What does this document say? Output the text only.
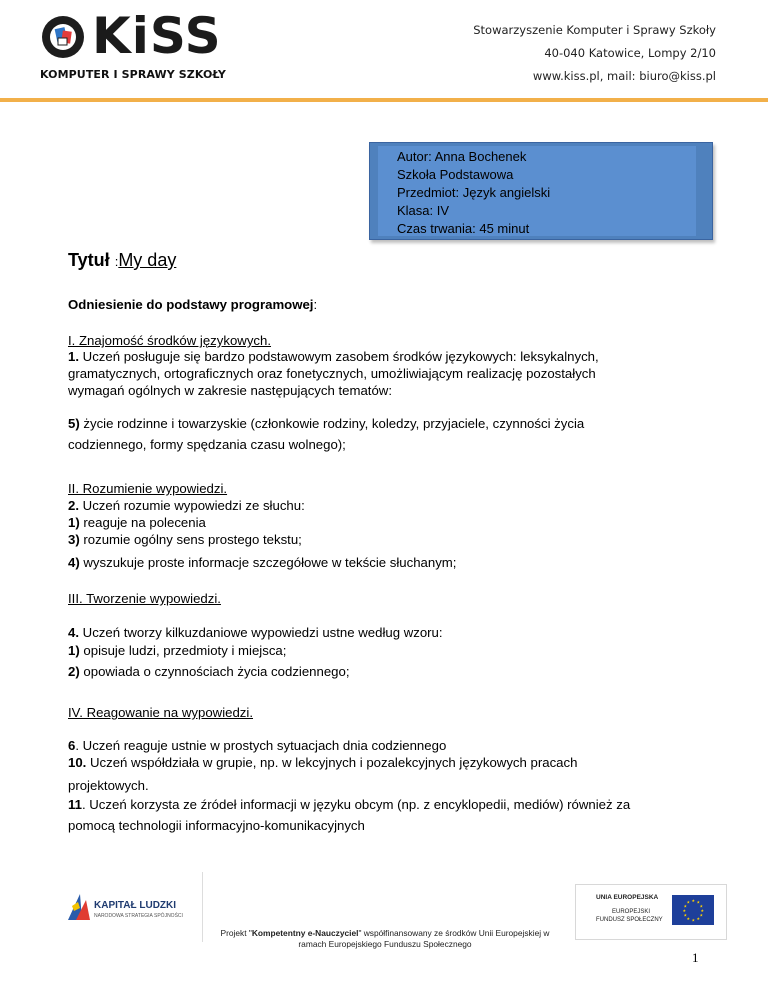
KiSS
KOMPUTER I SPRAWY SZKOŁY
Stowarzyszenie Komputer i Sprawy Szkoły
40-040 Katowice, Lompy 2/10
www.kiss.pl, mail: biuro@kiss.pl
Autor: Anna Bochenek
Szkoła Podstawowa
Przedmiot: Język angielski
Klasa: IV
Czas trwania: 45 minut
Tytuł :My day
Odniesienie do podstawy programowej:
I. Znajomość środków językowych.
1. Uczeń posługuje się bardzo podstawowym zasobem środków językowych: leksykalnych,
gramatycznych, ortograficznych oraz fonetycznych, umożliwiającym realizację pozostałych
wymagań ogólnych w zakresie następujących tematów:
5) życie rodzinne i towarzyskie (członkowie rodziny, koledzy, przyjaciele, czynności życia
codziennego, formy spędzania czasu wolnego);
II. Rozumienie wypowiedzi.
2. Uczeń rozumie wypowiedzi ze słuchu:
1) reaguje na polecenia
3) rozumie ogólny sens prostego tekstu;
4) wyszukuje proste informacje szczegółowe w tekście słuchanym;
III. Tworzenie wypowiedzi.
4. Uczeń tworzy kilkuzdaniowe wypowiedzi ustne według wzoru:
1) opisuje ludzi, przedmioty i miejsca;
2) opowiada o czynnościach życia codziennego;
IV. Reagowanie na wypowiedzi.
6. Uczeń reaguje ustnie w prostych sytuacjach dnia codziennego
10. Uczeń współdziała w grupie, np. w lekcyjnych i pozalekcyjnych językowych pracach
projektowych.
11. Uczeń korzysta ze źródeł informacji w języku obcym (np. z encyklopedii, mediów) również za
pomocą technologii informacyjno-komunikacyjnych
KAPITAŁ LUDZKI
NARODOWA STRATEGIA SPÓJNOŚCI
Projekt "Kompetentny e-Nauczyciel" współfinansowany ze środków Unii Europejskiej w
ramach Europejskiego Funduszu Społecznego
UNIA EUROPEJSKA
EUROPEJSKI
FUNDUSZ SPOŁECZNY
★ ★
★
★
★
★
★
★
★
★
★
★
1
